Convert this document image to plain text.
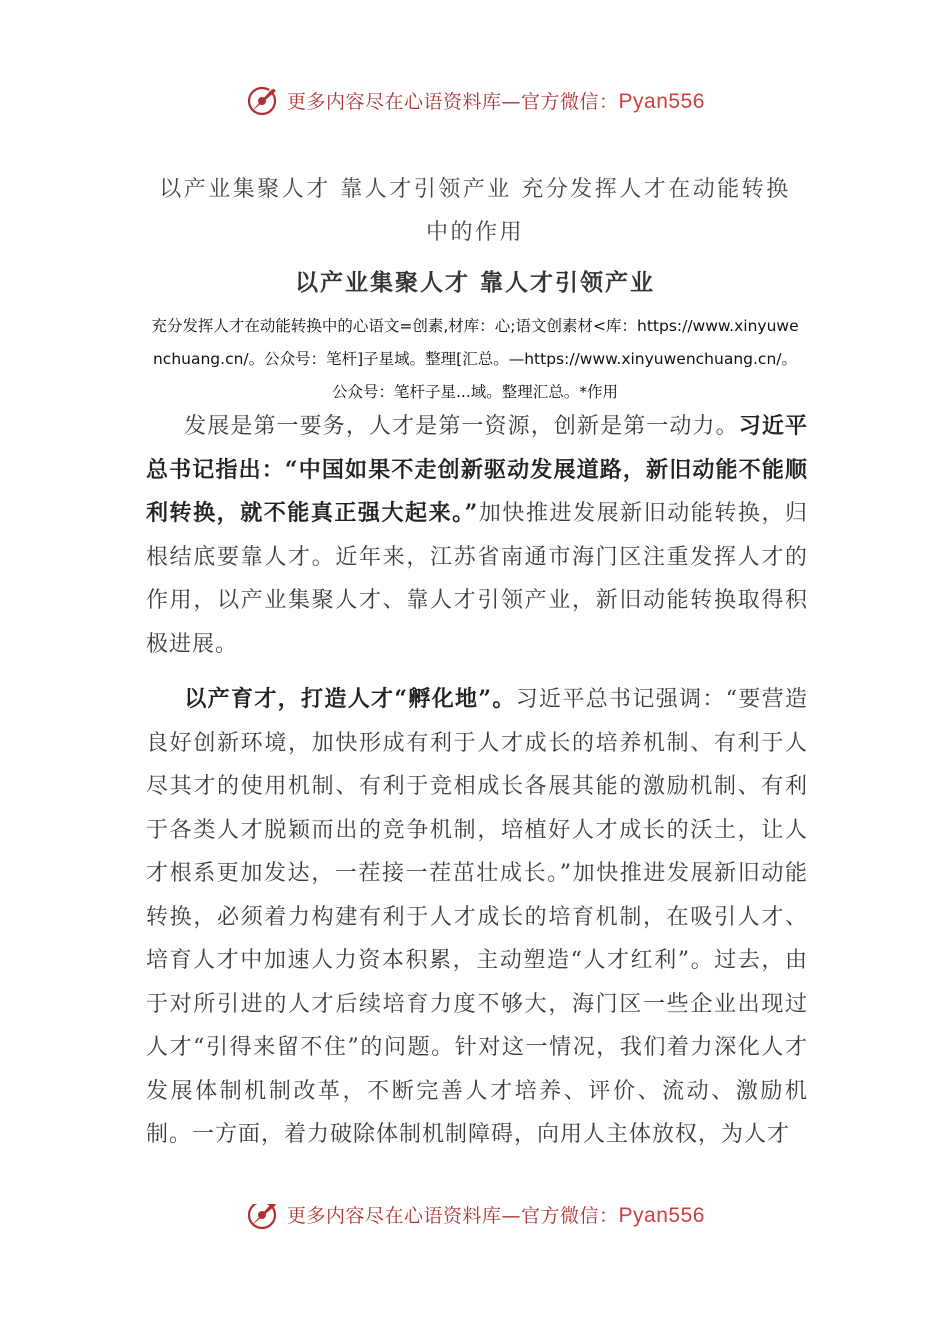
更多内容尽在心语资料库—官方微信：Pyan556
以产业集聚人才 靠人才引领产业 充分发挥人才在动能转换中的作用
以产业集聚人才 靠人才引领产业

充分发挥人才在动能转换中的心语文=创素,材库：心;语文创素材<库：https://www.xinyuwenchuang.cn/。公众号：笔杆]子星域。整理[汇总。—https://www.xinyuwenchuang.cn/。公众号：笔杆子星...域。整理汇总。*作用

发展是第一要务，人才是第一资源，创新是第一动力。习近平总书记指出：“中国如果不走创新驱动发展道路，新旧动能不能顺利转换，就不能真正强大起来。”加快推进发展新旧动能转换，归根结底要靠人才。近年来，江苏省南通市海门区注重发挥人才的作用，以产业集聚人才、靠人才引领产业，新旧动能转换取得积极进展。

以产育才，打造人才“孵化地”。习近平总书记强调：“要营造良好创新环境，加快形成有利于人才成长的培养机制、有利于人尽其才的使用机制、有利于竞相成长各展其能的激励机制、有利于各类人才脱颖而出的竞争机制，培植好人才成长的沃土，让人才根系更加发达，一茬接一茬茁壮成长。”加快推进发展新旧动能转换，必须着力构建有利于人才成长的培育机制，在吸引人才、培育人才中加速人力资本积累，主动塑造“人才红利”。过去，由于对所引进的人才后续培育力度不够大，海门区一些企业出现过人才“引得来留不住”的问题。针对这一情况，我们着力深化人才发展体制机制改革，不断完善人才培养、评价、流动、激励机制。一方面，着力破除体制机制障碍，向用人主体放权，为人才

更多内容尽在心语资料库—官方微信：Pyan556
